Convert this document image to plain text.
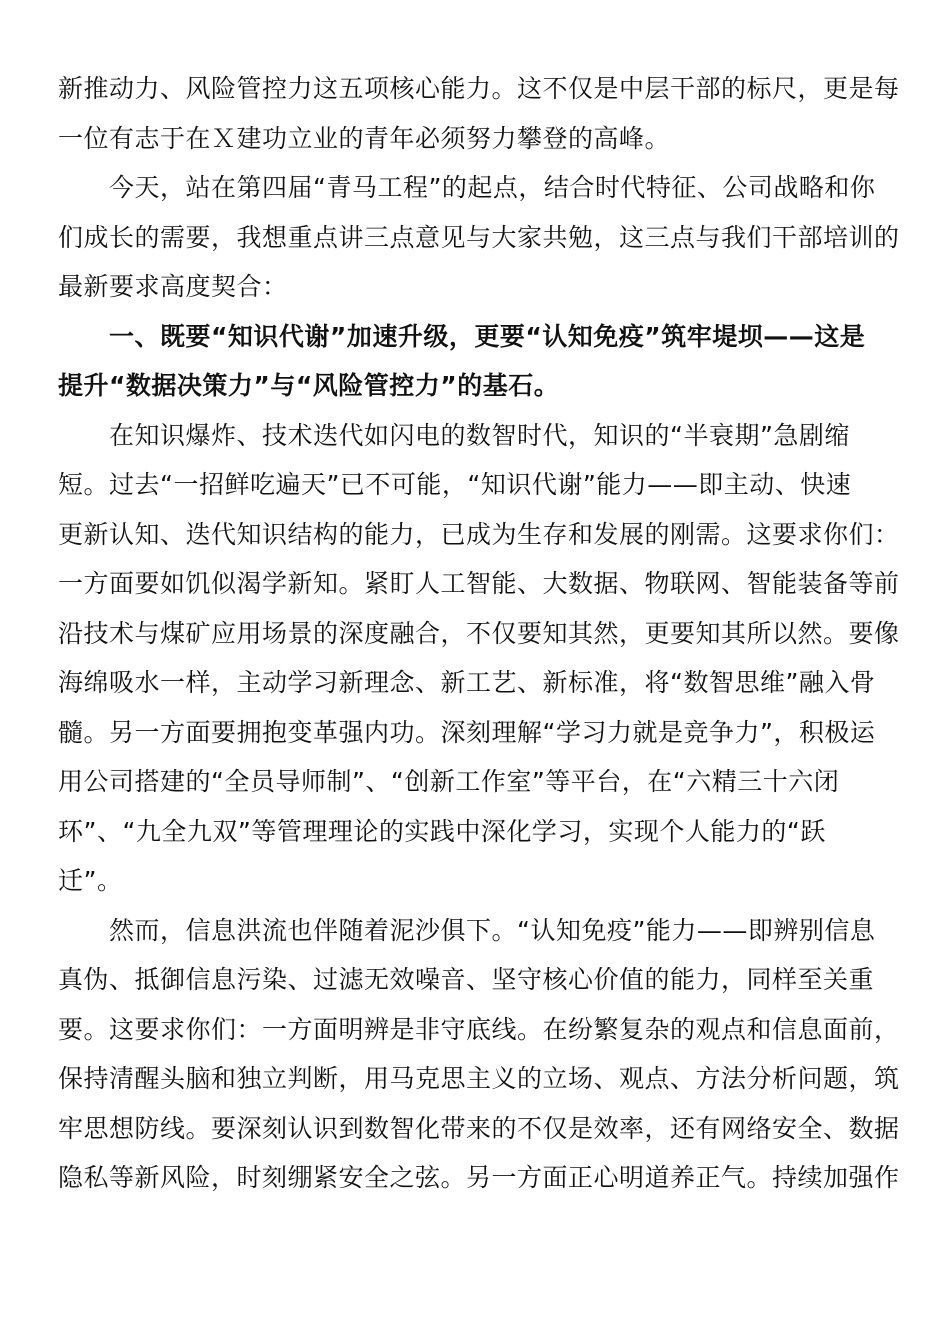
新推动力、风险管控力这五项核心能力。这不仅是中层干部的标尺，更是每
一位有志于在Ｘ建功立业的青年必须努力攀登的高峰。
　　今天，站在第四届“青马工程”的起点，结合时代特征、公司战略和你
们成长的需要，我想重点讲三点意见与大家共勉，这三点与我们干部培训的
最新要求高度契合：
　　一、既要“知识代谢”加速升级，更要“认知免疫”筑牢堤坝——这是
提升“数据决策力”与“风险管控力”的基石。
　　在知识爆炸、技术迭代如闪电的数智时代，知识的“半衰期”急剧缩
短。过去“一招鲜吃遍天”已不可能，“知识代谢”能力——即主动、快速
更新认知、迭代知识结构的能力，已成为生存和发展的刚需。这要求你们：
一方面要如饥似渴学新知。紧盯人工智能、大数据、物联网、智能装备等前
沿技术与煤矿应用场景的深度融合，不仅要知其然，更要知其所以然。要像
海绵吸水一样，主动学习新理念、新工艺、新标准，将“数智思维”融入骨
髓。另一方面要拥抱变革强内功。深刻理解“学习力就是竞争力”，积极运
用公司搭建的“全员导师制”、“创新工作室”等平台，在“六精三十六闭
环”、“九全九双”等管理理论的实践中深化学习，实现个人能力的“跃
迁”。
　　然而，信息洪流也伴随着泥沙俱下。“认知免疫”能力——即辨别信息
真伪、抵御信息污染、过滤无效噪音、坚守核心价值的能力，同样至关重
要。这要求你们：一方面明辨是非守底线。在纷繁复杂的观点和信息面前，
保持清醒头脑和独立判断，用马克思主义的立场、观点、方法分析问题，筑
牢思想防线。要深刻认识到数智化带来的不仅是效率，还有网络安全、数据
隐私等新风险，时刻绷紧安全之弦。另一方面正心明道养正气。持续加强作
